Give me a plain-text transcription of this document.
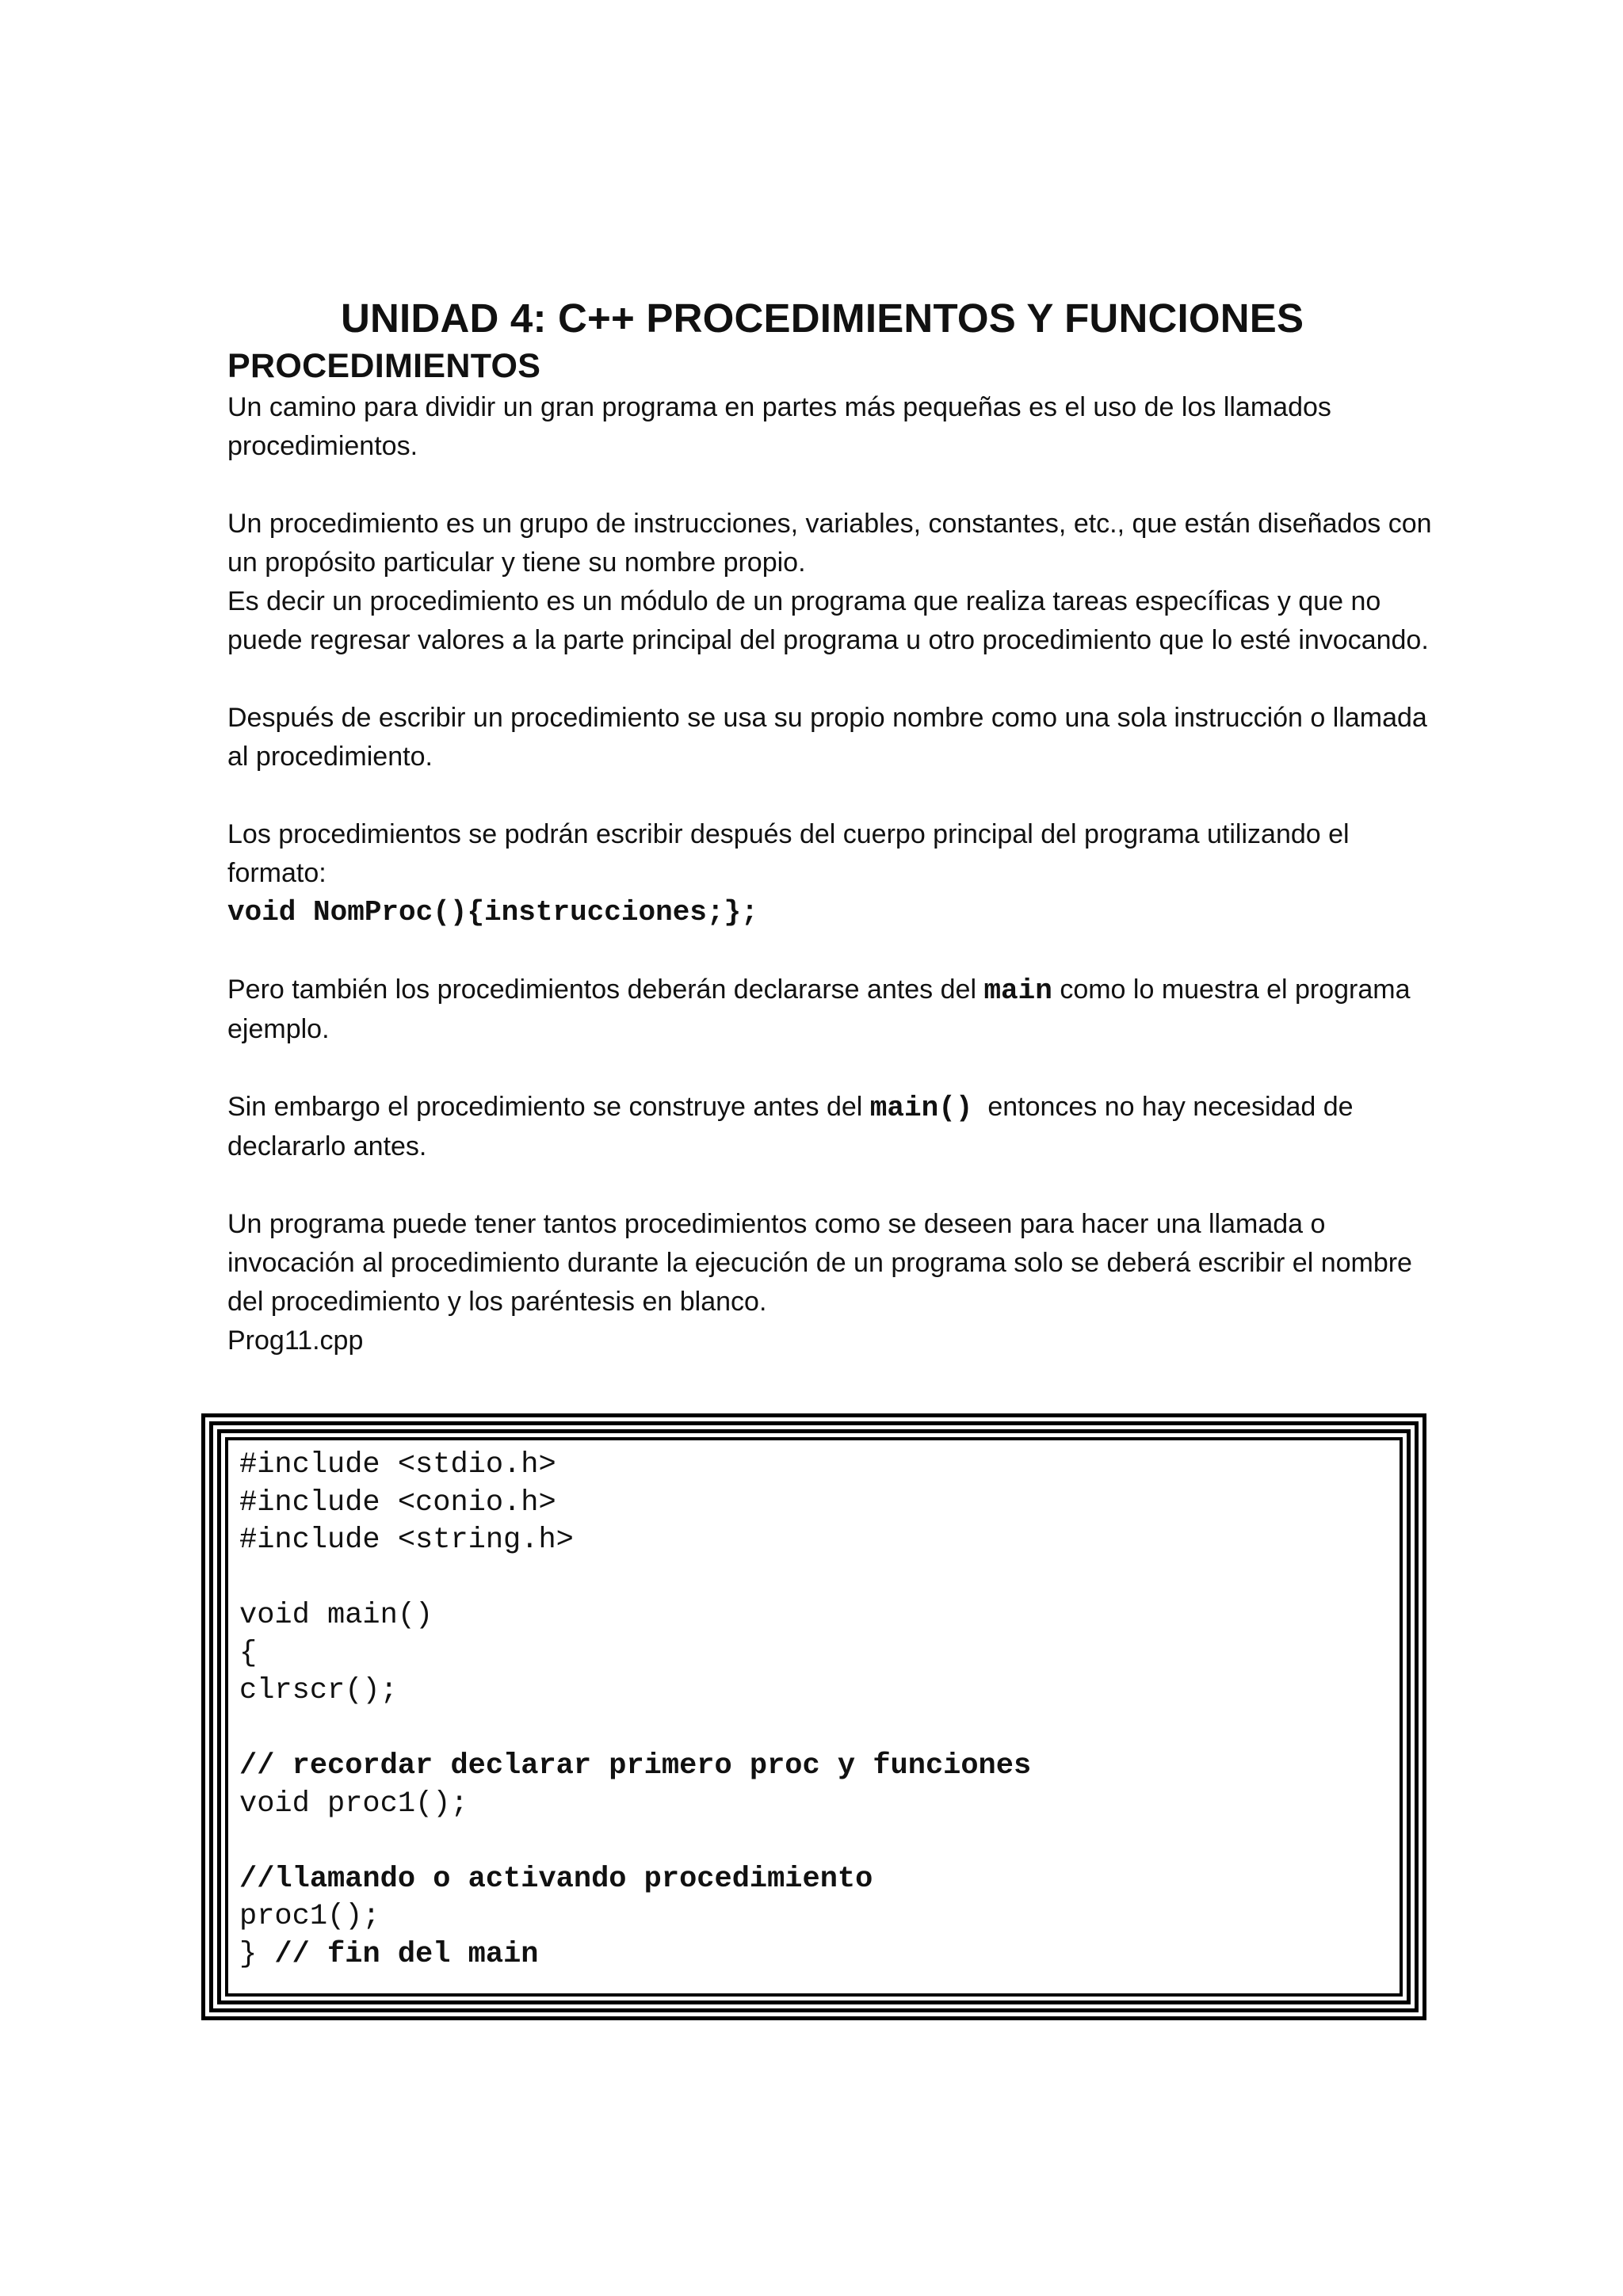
UNIDAD 4: C++ PROCEDIMIENTOS Y FUNCIONES
PROCEDIMIENTOS

Un camino para dividir un gran programa en partes más pequeñas es el uso de los llamados procedimientos.

Un procedimiento es un grupo de instrucciones, variables, constantes, etc., que están diseñados con un propósito particular y tiene su nombre propio.

Es decir un procedimiento es un módulo de un programa que realiza tareas específicas y que no puede regresar valores a la parte principal del programa u otro procedimiento que lo esté invocando.

Después de escribir un procedimiento se usa su propio nombre como una sola instrucción o llamada al procedimiento.

Los procedimientos se podrán escribir después del cuerpo principal del programa utilizando el formato:

void NomProc(){instrucciones;};

Pero también los procedimientos deberán declararse antes del main como lo muestra el programa ejemplo.

Sin embargo el procedimiento se construye antes del main()  entonces no hay necesidad de declararlo antes.

Un programa puede tener tantos procedimientos como se deseen para hacer una llamada o invocación al procedimiento durante la ejecución de un programa solo se deberá escribir el nombre del procedimiento y los paréntesis en blanco.

Prog11.cpp

#include <stdio.h>
#include <conio.h>
#include <string.h>
void main()
{
clrscr();
// recordar declarar primero proc y funciones
void proc1();
//llamando o activando procedimiento
proc1();
} // fin del main
